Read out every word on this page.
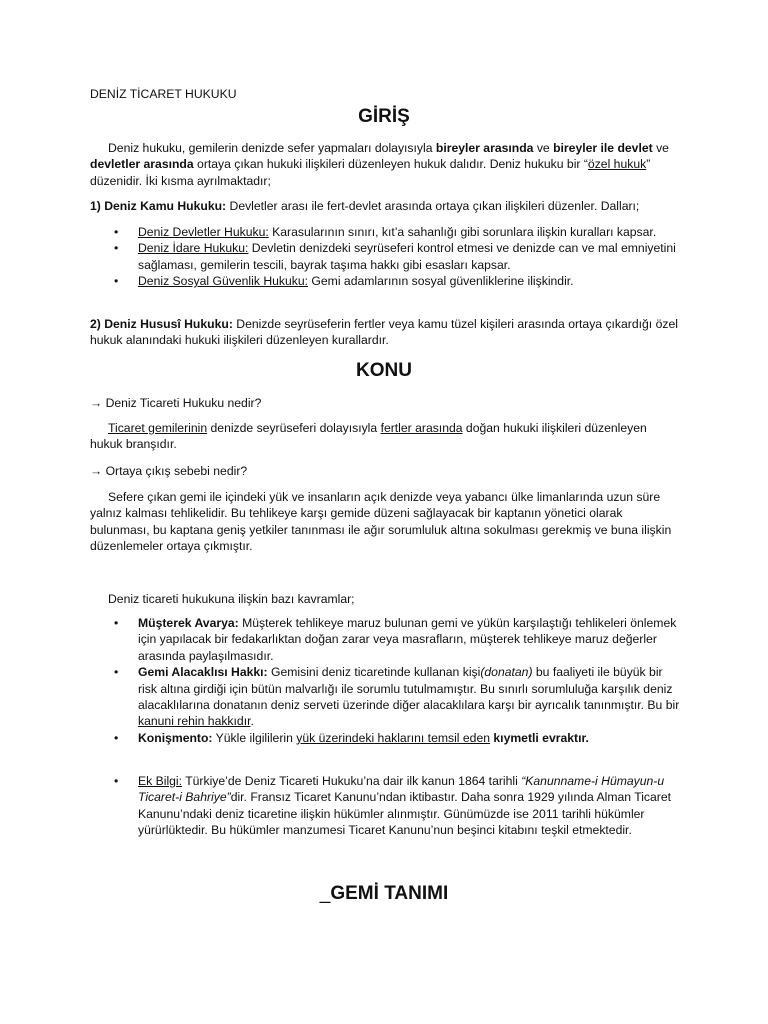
DENİZ TİCARET HUKUKU

GİRİŞ

Deniz hukuku, gemilerin denizde sefer yapmaları dolayısıyla bireyler arasında ve bireyler ile devlet ve devletler arasında ortaya çıkan hukuki ilişkileri düzenleyen hukuk dalıdır. Deniz hukuku bir “özel hukuk” düzenidir. İki kısma ayrılmaktadır;

1) Deniz Kamu Hukuku: Devletler arası ile fert-devlet arasında ortaya çıkan ilişkileri düzenler. Dalları;

• Deniz Devletler Hukuku: Karasularının sınırı, kıt’a sahanlığı gibi sorunlara ilişkin kuralları kapsar.
• Deniz İdare Hukuku: Devletin denizdeki seyrüseferi kontrol etmesi ve denizde can ve mal emniyetini sağlaması, gemilerin tescili, bayrak taşıma hakkı gibi esasları kapsar.
• Deniz Sosyal Güvenlik Hukuku: Gemi adamlarının sosyal güvenliklerine ilişkindir.

2) Deniz Hususî Hukuku: Denizde seyrüseferin fertler veya kamu tüzel kişileri arasında ortaya çıkardığı özel hukuk alanındaki hukuki ilişkileri düzenleyen kurallardır.

KONU

→ Deniz Ticareti Hukuku nedir?

Ticaret gemilerinin denizde seyrüseferi dolayısıyla fertler arasında doğan hukuki ilişkileri düzenleyen hukuk branşıdır.

→ Ortaya çıkış sebebi nedir?

Sefere çıkan gemi ile içindeki yük ve insanların açık denizde veya yabancı ülke limanlarında uzun süre yalnız kalması tehlikelidir. Bu tehlikeye karşı gemide düzeni sağlayacak bir kaptanın yönetici olarak bulunması, bu kaptana geniş yetkiler tanınması ile ağır sorumluluk altına sokulması gerekmiş ve buna ilişkin düzenlemeler ortaya çıkmıştır.

Deniz ticareti hukukuna ilişkin bazı kavramlar;

• Müşterek Avarya: Müşterek tehlikeye maruz bulunan gemi ve yükün karşılaştığı tehlikeleri önlemek için yapılacak bir fedakarlıktan doğan zarar veya masrafların, müşterek tehlikeye maruz değerler arasında paylaşılmasıdır.
• Gemi Alacaklısı Hakkı: Gemisini deniz ticaretinde kullanan kişi(donatan) bu faaliyeti ile büyük bir risk altına girdiği için bütün malvarlığı ile sorumlu tutulmamıştır. Bu sınırlı sorumluluğa karşılık deniz alacaklılarına donatanın deniz serveti üzerinde diğer alacaklılara karşı bir ayrıcalık tanınmıştır. Bu bir kanuni rehin hakkıdır.
• Konişmento: Yükle ilgililerin yük üzerindeki haklarını temsil eden kıymetli evraktır.
• Ek Bilgi: Türkiye’de Deniz Ticareti Hukuku’na dair ilk kanun 1864 tarihli “Kanunname-i Hümayun-u Ticaret-i Bahriye”dir. Fransız Ticaret Kanunu’ndan iktibastır. Daha sonra 1929 yılında Alman Ticaret Kanunu’ndaki deniz ticaretine ilişkin hükümler alınmıştır. Günümüzde ise 2011 tarihli hükümler yürürlüktedir. Bu hükümler manzumesi Ticaret Kanunu’nun beşinci kitabını teşkil etmektedir.

_GEMİ TANIMI
